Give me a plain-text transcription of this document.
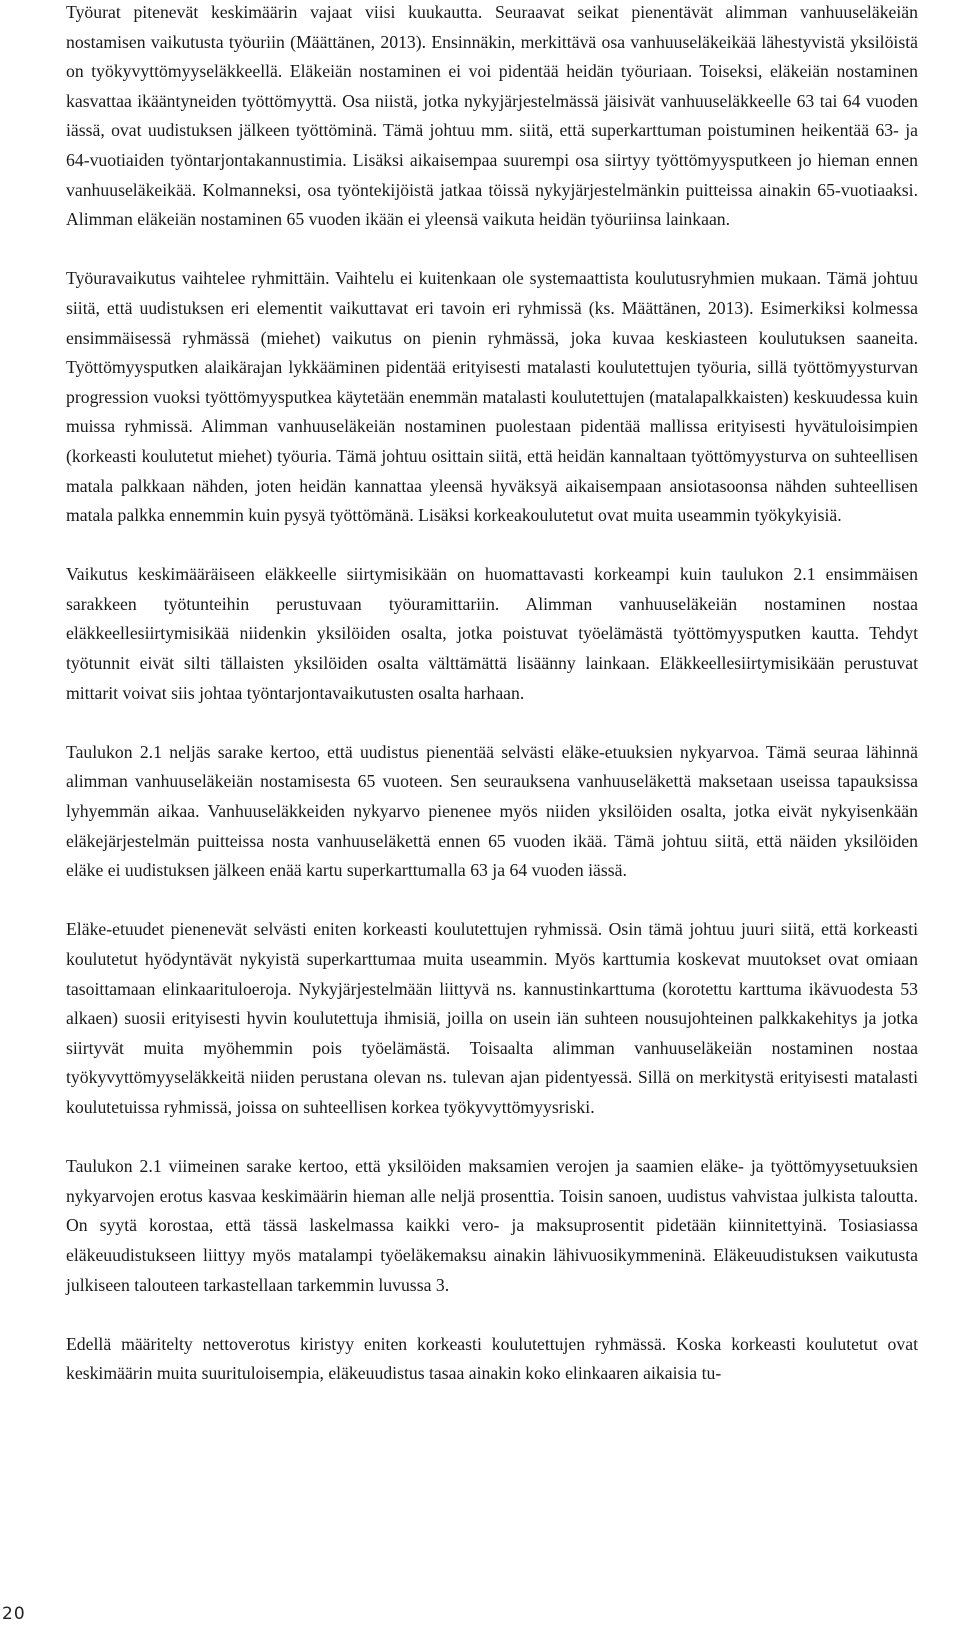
Työurat pitenevät keskimäärin vajaat viisi kuukautta. Seuraavat seikat pienentävät alimman vanhuuseläkeiän nostamisen vaikutusta työuriin (Määttänen, 2013). Ensinnäkin, merkittävä osa vanhuuseläkeikää lähestyvistä yksilöistä on työkyvyttömyyseläkkeellä. Eläkeiän nostaminen ei voi pidentää heidän työuriaan. Toiseksi, eläkeiän nostaminen kasvattaa ikääntyneiden työttömyyttä. Osa niistä, jotka nykyjärjestelmässä jäisivät vanhuuseläkkeelle 63 tai 64 vuoden iässä, ovat uudistuksen jälkeen työttöminä. Tämä johtuu mm. siitä, että superkarttuman poistuminen heikentää 63- ja 64-vuotiaiden työntarjontakannustimia. Lisäksi aikaisempaa suurempi osa siirtyy työttömyysputkeen jo hieman ennen vanhuuseläkeikää. Kolmanneksi, osa työntekijöistä jatkaa töissä nykyjärjestelmänkin puitteissa ainakin 65-vuotiaaksi. Alimman eläkeiän nostaminen 65 vuoden ikään ei yleensä vaikuta heidän työuriinsa lainkaan.

Työuravaikutus vaihtelee ryhmittäin. Vaihtelu ei kuitenkaan ole systemaattista koulutusryhmien mukaan. Tämä johtuu siitä, että uudistuksen eri elementit vaikuttavat eri tavoin eri ryhmissä (ks. Määttänen, 2013). Esimerkiksi kolmessa ensimmäisessä ryhmässä (miehet) vaikutus on pienin ryhmässä, joka kuvaa keskiasteen koulutuksen saaneita. Työttömyysputken alaikärajan lykkääminen pidentää erityisesti matalasti koulutettujen työuria, sillä työttömyysturvan progression vuoksi työttömyysputkea käytetään enemmän matalasti koulutettujen (matalapalkkaisten) keskuudessa kuin muissa ryhmissä. Alimman vanhuuseläkeiän nostaminen puolestaan pidentää mallissa erityisesti hyvätuloisimpien (korkeasti koulutetut miehet) työuria. Tämä johtuu osittain siitä, että heidän kannaltaan työttömyysturva on suhteellisen matala palkkaan nähden, joten heidän kannattaa yleensä hyväksyä aikaisempaan ansiotasoonsa nähden suhteellisen matala palkka ennemmin kuin pysyä työttömänä. Lisäksi korkeakoulutetut ovat muita useammin työkykyisiä.

Vaikutus keskimääräiseen eläkkeelle siirtymisikään on huomattavasti korkeampi kuin taulukon 2.1 ensimmäisen sarakkeen työtunteihin perustuvaan työuramittariin. Alimman vanhuuseläkeiän nostaminen nostaa eläkkeellesiirtymisikää niidenkin yksilöiden osalta, jotka poistuvat työelämästä työttömyysputken kautta. Tehdyt työtunnit eivät silti tällaisten yksilöiden osalta välttämättä lisäänny lainkaan. Eläkkeellesiirtymisikään perustuvat mittarit voivat siis johtaa työntarjontavaikutusten osalta harhaan.

Taulukon 2.1 neljäs sarake kertoo, että uudistus pienentää selvästi eläke-etuuksien nykyarvoa. Tämä seuraa lähinnä alimman vanhuuseläkeiän nostamisesta 65 vuoteen. Sen seurauksena vanhuuseläkettä maksetaan useissa tapauksissa lyhyemmän aikaa. Vanhuuseläkkeiden nykyarvo pienenee myös niiden yksilöiden osalta, jotka eivät nykyisenkään eläkejärjestelmän puitteissa nosta vanhuuseläkettä ennen 65 vuoden ikää. Tämä johtuu siitä, että näiden yksilöiden eläke ei uudistuksen jälkeen enää kartu superkarttumalla 63 ja 64 vuoden iässä.

Eläke-etuudet pienenevät selvästi eniten korkeasti koulutettujen ryhmissä. Osin tämä johtuu juuri siitä, että korkeasti koulutetut hyödyntävät nykyistä superkarttumaa muita useammin. Myös karttumia koskevat muutokset ovat omiaan tasoittamaan elinkaarituloeroja. Nykyjärjestelmään liittyvä ns. kannustinkarttuma (korotettu karttuma ikävuodesta 53 alkaen) suosii erityisesti hyvin koulutettuja ihmisiä, joilla on usein iän suhteen nousujohteinen palkkakehitys ja jotka siirtyvät muita myöhemmin pois työelämästä. Toisaalta alimman vanhuuseläkeiän nostaminen nostaa työkyvyttömyyseläkkeitä niiden perustana olevan ns. tulevan ajan pidentyessä. Sillä on merkitystä erityisesti matalasti koulutetuissa ryhmissä, joissa on suhteellisen korkea työkyvyttömyysriski.

Taulukon 2.1 viimeinen sarake kertoo, että yksilöiden maksamien verojen ja saamien eläke- ja työttömyysetuuksien nykyarvojen erotus kasvaa keskimäärin hieman alle neljä prosenttia. Toisin sanoen, uudistus vahvistaa julkista taloutta. On syytä korostaa, että tässä laskelmassa kaikki vero- ja maksuprosentit pidetään kiinnitettyinä. Tosiasiassa eläkeuudistukseen liittyy myös matalampi työeläkemaksu ainakin lähivuosikymmeninä. Eläkeuudistuksen vaikutusta julkiseen talouteen tarkastellaan tarkemmin luvussa 3.

Edellä määritelty nettoverotus kiristyy eniten korkeasti koulutettujen ryhmässä. Koska korkeasti koulutetut ovat keskimäärin muita suurituloisempia, eläkeuudistus tasaa ainakin koko elinkaaren aikaisia tu-

20
